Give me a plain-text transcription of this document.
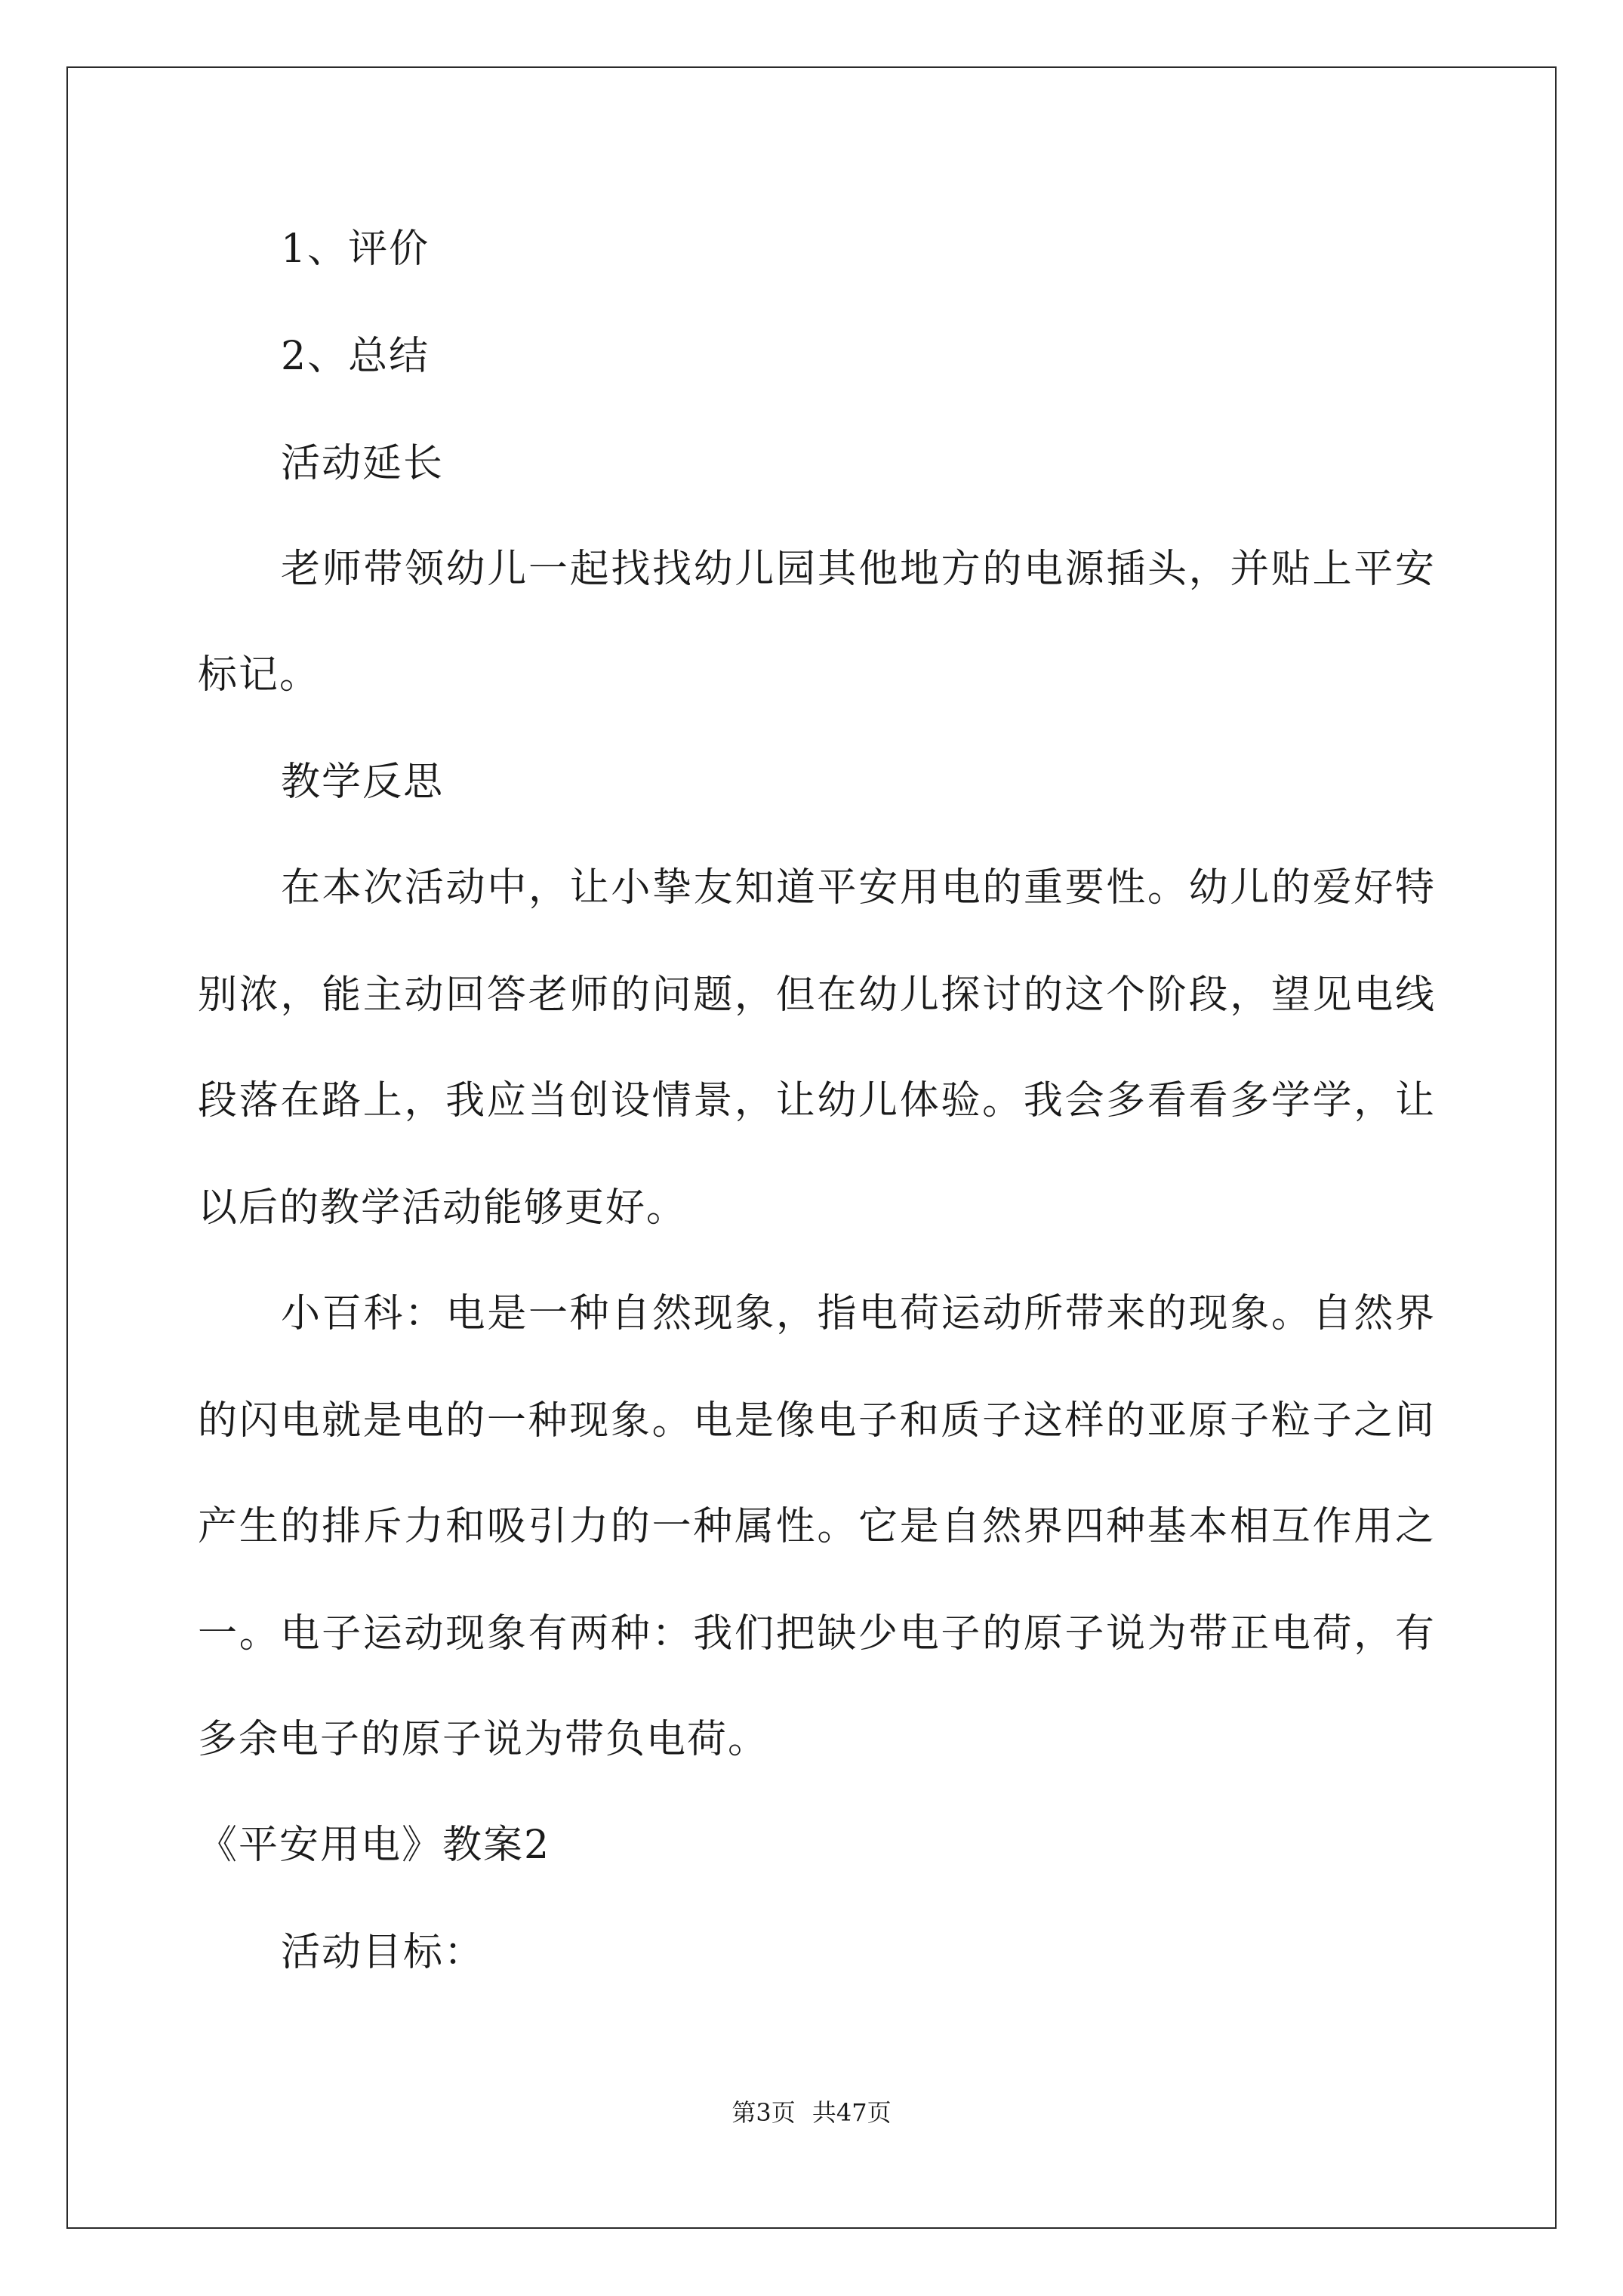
1、评价
2、总结
活动延长
老师带领幼儿一起找找幼儿园其他地方的电源插头，并贴上平安
标记。
教学反思
在本次活动中，让小挚友知道平安用电的重要性。幼儿的爱好特
别浓，能主动回答老师的问题，但在幼儿探讨的这个阶段，望见电线
段落在路上，我应当创设情景，让幼儿体验。我会多看看多学学，让
以后的教学活动能够更好。
小百科：电是一种自然现象，指电荷运动所带来的现象。自然界
的闪电就是电的一种现象。电是像电子和质子这样的亚原子粒子之间
产生的排斥力和吸引力的一种属性。它是自然界四种基本相互作用之
一。电子运动现象有两种：我们把缺少电子的原子说为带正电荷，有
多余电子的原子说为带负电荷。
《平安用电》教案2
活动目标：
第3页 共47页
